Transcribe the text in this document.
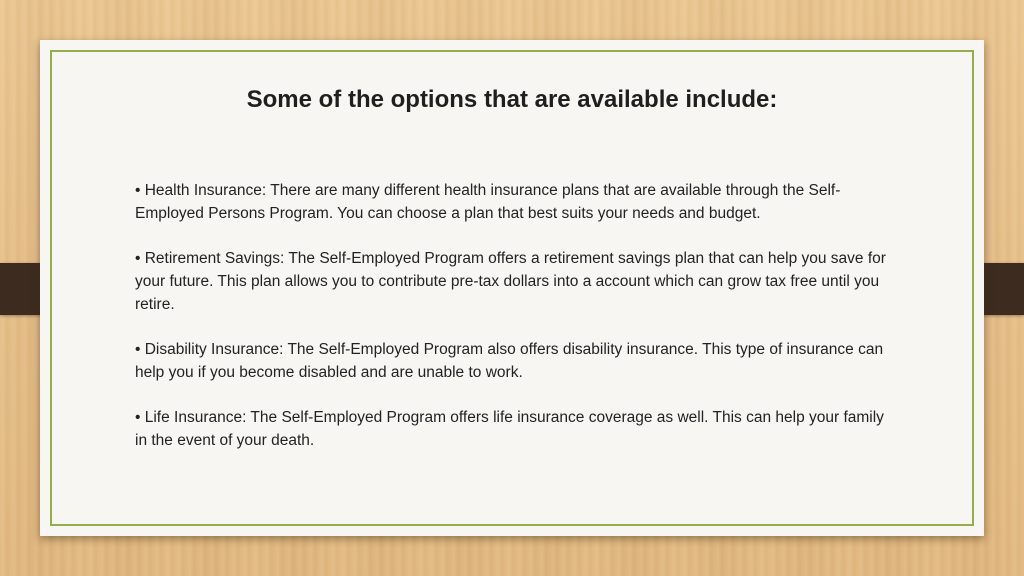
Some of the options that are available include:

• Health Insurance: There are many different health insurance plans that are available through the Self-Employed Persons Program. You can choose a plan that best suits your needs and budget.

• Retirement Savings: The Self-Employed Program offers a retirement savings plan that can help you save for your future. This plan allows you to contribute pre-tax dollars into a account which can grow tax free until you retire.

• Disability Insurance: The Self-Employed Program also offers disability insurance. This type of insurance can help you if you become disabled and are unable to work.

• Life Insurance: The Self-Employed Program offers life insurance coverage as well. This can help your family in the event of your death.
